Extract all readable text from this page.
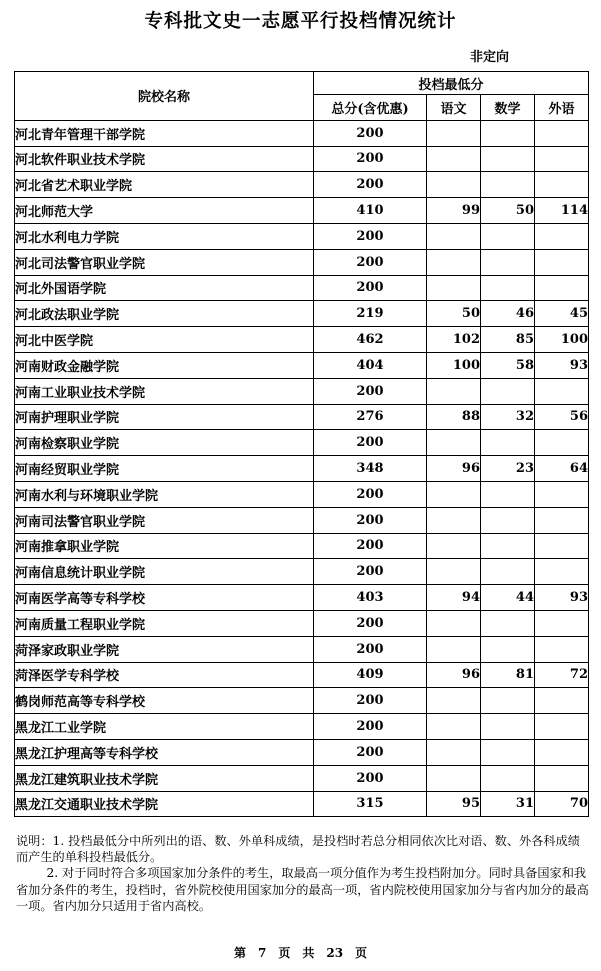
专科批文史一志愿平行投档情况统计
非定向
院校名称	投档最低分			
	总分(含优惠)	语文	数学	外语
河北青年管理干部学院	200			
河北软件职业技术学院	200			
河北省艺术职业学院	200			
河北师范大学	410	99	50	114
河北水利电力学院	200			
河北司法警官职业学院	200			
河北外国语学院	200			
河北政法职业学院	219	50	46	45
河北中医学院	462	102	85	100
河南财政金融学院	404	100	58	93
河南工业职业技术学院	200			
河南护理职业学院	276	88	32	56
河南检察职业学院	200			
河南经贸职业学院	348	96	23	64
河南水利与环境职业学院	200			
河南司法警官职业学院	200			
河南推拿职业学院	200			
河南信息统计职业学院	200			
河南医学高等专科学校	403	94	44	93
河南质量工程职业学院	200			
菏泽家政职业学院	200			
菏泽医学专科学校	409	96	81	72
鹤岗师范高等专科学校	200			
黑龙江工业学院	200			
黑龙江护理高等专科学校	200			
黑龙江建筑职业技术学院	200			
黑龙江交通职业技术学院	315	95	31	70

说明：1. 投档最低分中所列出的语、数、外单科成绩，是投档时若总分相同依次比对语、数、外各科成绩而产生的单科投档最低分。

2. 对于同时符合多项国家加分条件的考生，取最高一项分值作为考生投档附加分。同时具备国家和我省加分条件的考生，投档时，省外院校使用国家加分的最高一项，省内院校使用国家加分与省内加分的最高一项。省内加分只适用于省内高校。

第 7 页 共 23 页
